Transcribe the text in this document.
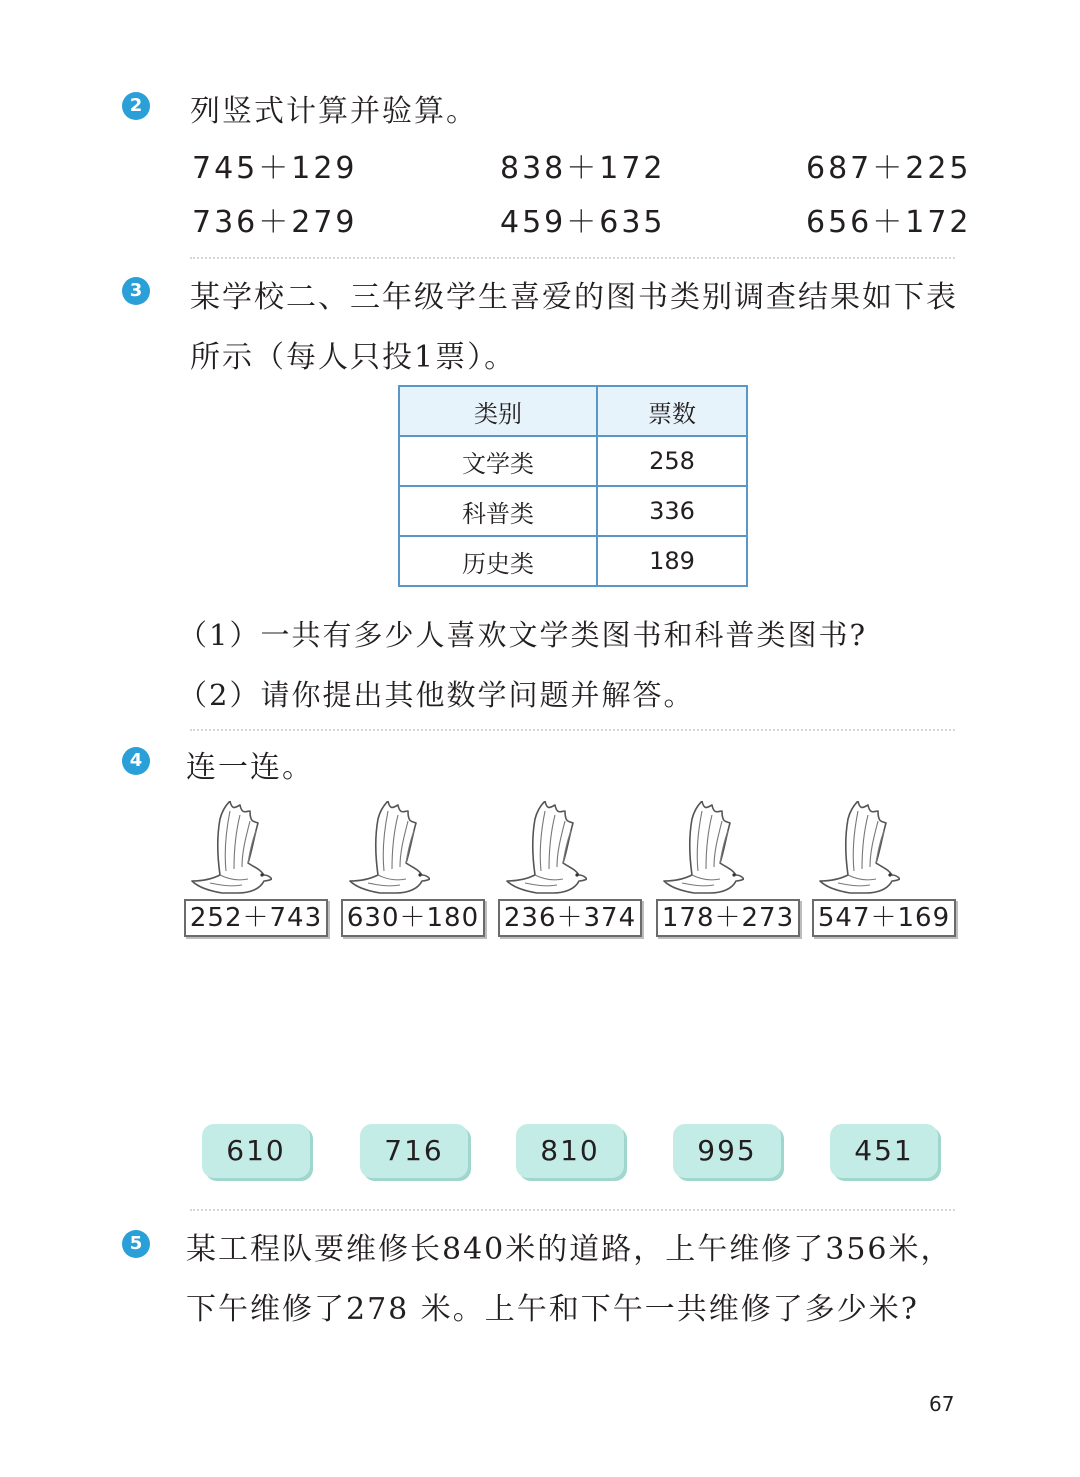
2 列竖式计算并验算。
745＋129	838＋172	687＋225
736＋279	459＋635	656＋172
3 某学校二、三年级学生喜爱的图书类别调查结果如下表
所示（每人只投1票）。
类别	票数
文学类	258
科普类	336
历史类	189
（1）一共有多少人喜欢文学类图书和科普类图书?
（2）请你提出其他数学问题并解答。
4 连一连。
252＋743 630＋180 236＋374 178＋273 547＋169
610	716	810	995	451
5 某工程队要维修长840米的道路，上午维修了356米，
下午维修了278 米。上午和下午一共维修了多少米?
67
